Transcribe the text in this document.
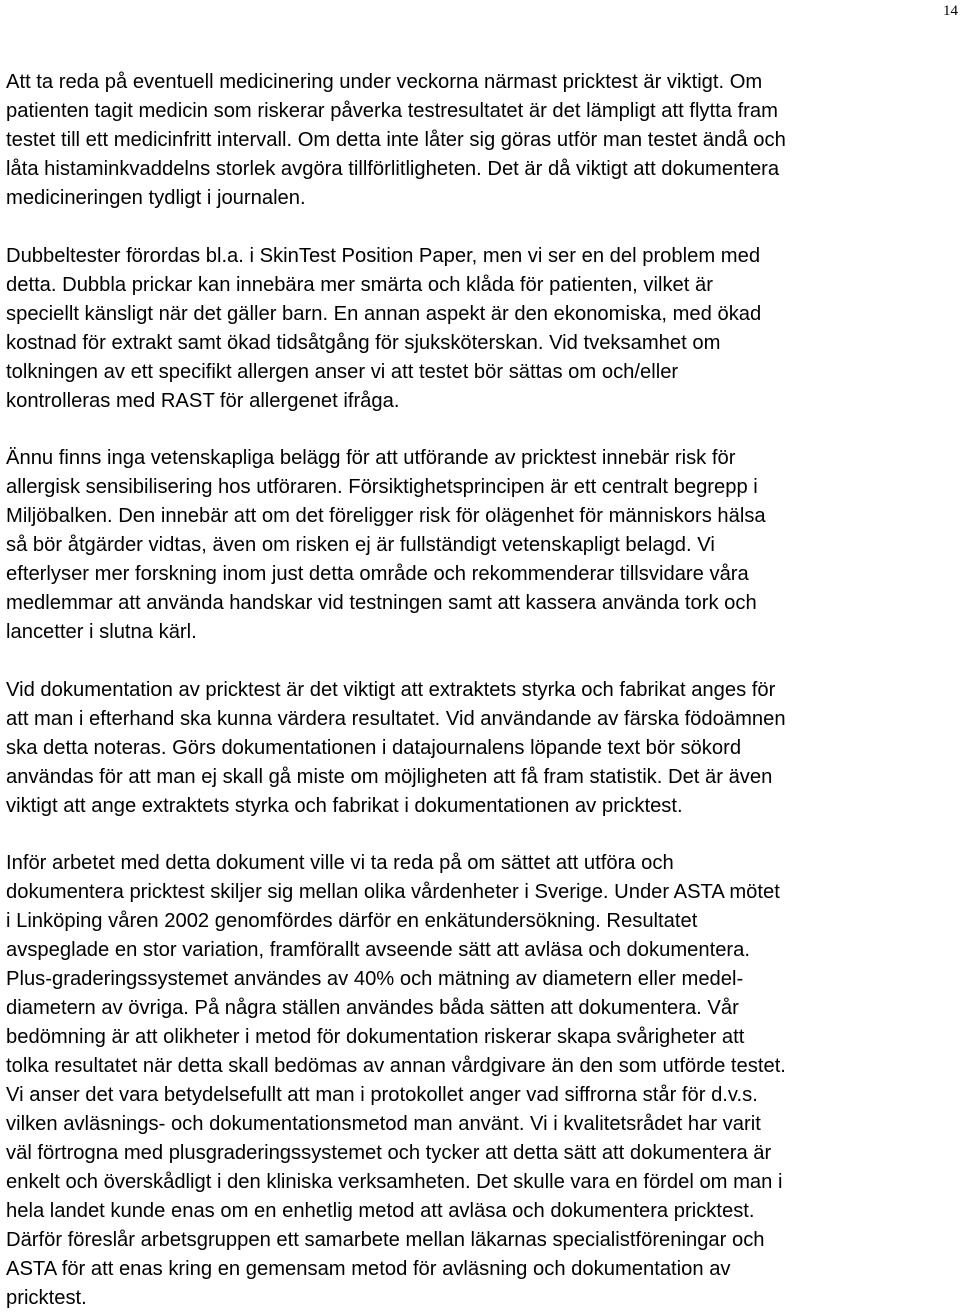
14

Att ta reda på eventuell medicinering under veckorna närmast pricktest är viktigt. Om
patienten tagit medicin som riskerar påverka testresultatet är det lämpligt att flytta fram
testet till ett medicinfritt intervall. Om detta inte låter sig göras utför man testet ändå och
låta histaminkvaddelns storlek avgöra tillförlitligheten. Det är då viktigt att dokumentera
medicineringen tydligt i journalen.

Dubbeltester förordas bl.a. i SkinTest Position Paper, men vi ser en del problem med
detta. Dubbla prickar kan innebära mer smärta och klåda för patienten, vilket är
speciellt känsligt när det gäller barn. En annan aspekt är den ekonomiska, med ökad
kostnad för extrakt samt ökad tidsåtgång för sjuksköterskan. Vid tveksamhet om
tolkningen av ett specifikt allergen anser vi att testet bör sättas om och/eller
kontrolleras med RAST för allergenet ifråga.

Ännu finns inga vetenskapliga belägg för att utförande av pricktest innebär risk för
allergisk sensibilisering hos utföraren. Försiktighetsprincipen är ett centralt begrepp i
Miljöbalken. Den innebär att om det föreligger risk för olägenhet för människors hälsa
så bör åtgärder vidtas, även om risken ej är fullständigt vetenskapligt belagd. Vi
efterlyser mer forskning inom just detta område och rekommenderar tillsvidare våra
medlemmar att använda handskar vid testningen samt att kassera använda tork och
lancetter i slutna kärl.

Vid dokumentation av pricktest är det viktigt att extraktets styrka och fabrikat anges för
att man i efterhand ska kunna värdera resultatet. Vid användande av färska födoämnen
ska detta noteras. Görs dokumentationen i datajournalens löpande text bör sökord
användas för att man ej skall gå miste om möjligheten att få fram statistik. Det är även
viktigt att ange extraktets styrka och fabrikat i dokumentationen av pricktest.

Inför arbetet med detta dokument ville vi ta reda på om sättet att utföra och
dokumentera pricktest skiljer sig mellan olika vårdenheter i Sverige. Under ASTA mötet
i Linköping våren 2002 genomfördes därför en enkätundersökning. Resultatet
avspeglade en stor variation, framförallt avseende sätt att avläsa och dokumentera.
Plus-graderingssystemet användes av 40% och mätning av diametern eller medel-
diametern av övriga. På några ställen användes båda sätten att dokumentera. Vår
bedömning är att olikheter i metod för dokumentation riskerar skapa svårigheter att
tolka resultatet när detta skall bedömas av annan vårdgivare än den som utförde testet.
Vi anser det vara betydelsefullt att man i protokollet anger vad siffrorna står för d.v.s.
vilken avläsnings- och dokumentationsmetod man använt. Vi i kvalitetsrådet har varit
väl förtrogna med plusgraderingssystemet och tycker att detta sätt att dokumentera är
enkelt och överskådligt i den kliniska verksamheten. Det skulle vara en fördel om man i
hela landet kunde enas om en enhetlig metod att avläsa och dokumentera pricktest.
Därför föreslår arbetsgruppen ett samarbete mellan läkarnas specialistföreningar och
ASTA för att enas kring en gemensam metod för avläsning och dokumentation av
pricktest.
